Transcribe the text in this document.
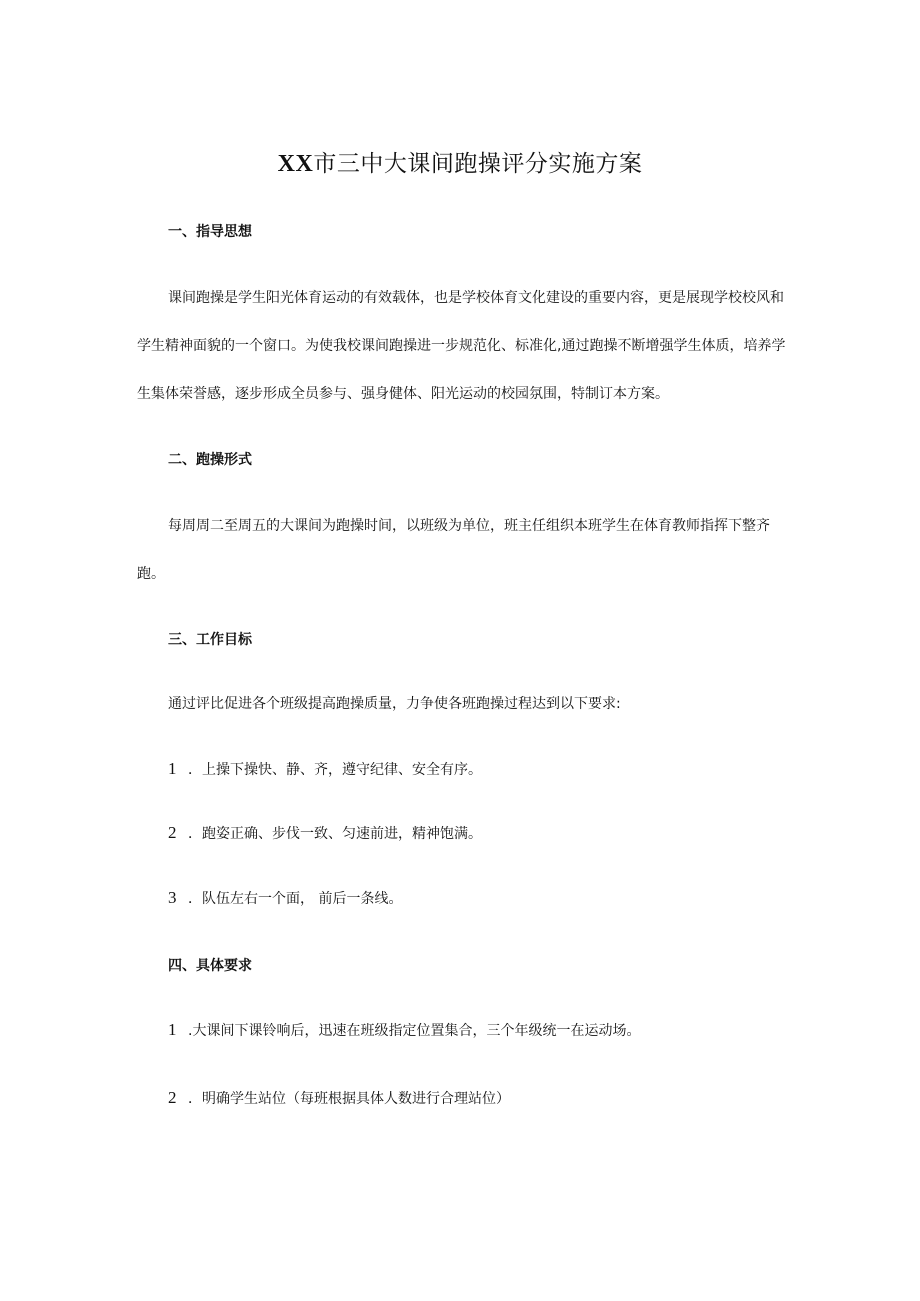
XX市三中大课间跑操评分实施方案
一、指导思想
课间跑操是学生阳光体育运动的有效载体，也是学校体育文化建设的重要内容，更是展现学校校风和
学生精神面貌的一个窗口。为使我校课间跑操进一步规范化、标准化,通过跑操不断增强学生体质，培养学
生集体荣誉感，逐步形成全员参与、强身健体、阳光运动的校园氛围，特制订本方案。
二、跑操形式
每周周二至周五的大课间为跑操时间，以班级为单位，班主任组织本班学生在体育教师指挥下整齐
跑。
三、工作目标
通过评比促进各个班级提高跑操质量，力争使各班跑操过程达到以下要求:
1 ．上操下操快、静、齐，遵守纪律、安全有序。
2 ．跑姿正确、步伐一致、匀速前进，精神饱满。
3 ．队伍左右一个面， 前后一条线。
四、具体要求
1 .大课间下课铃响后，迅速在班级指定位置集合，三个年级统一在运动场。
2 ．明确学生站位（每班根据具体人数进行合理站位）
